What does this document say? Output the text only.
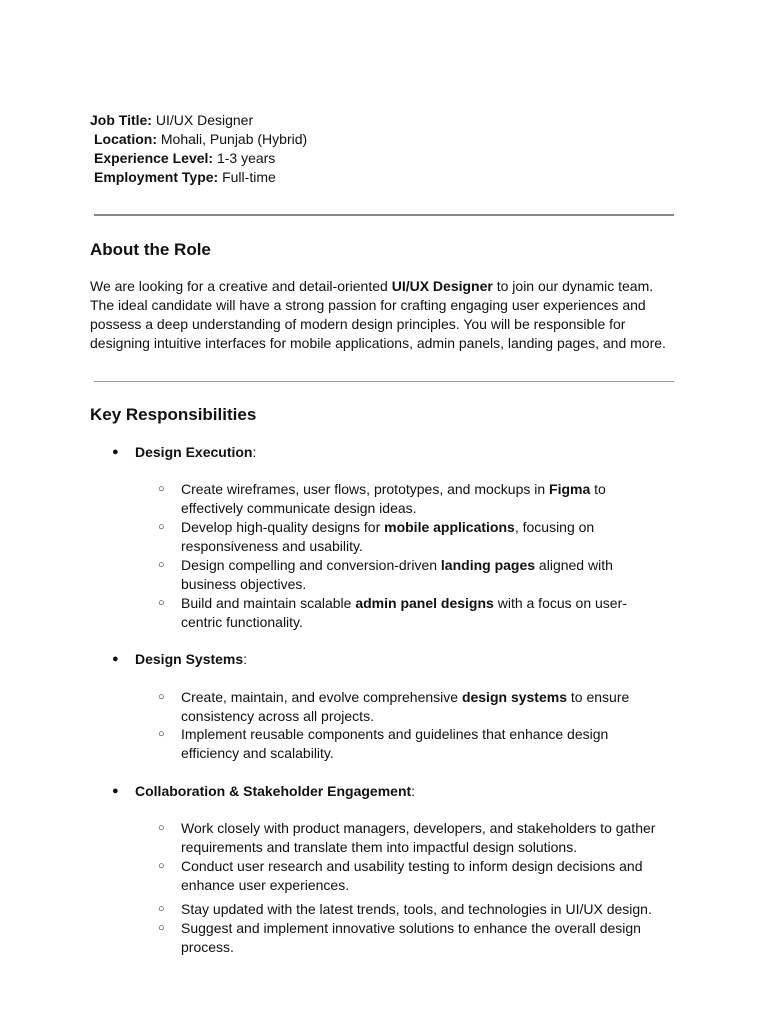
Job Title: UI/UX Designer
Location: Mohali, Punjab (Hybrid)
Experience Level: 1-3 years
Employment Type: Full-time
About the Role

We are looking for a creative and detail-oriented UI/UX Designer to join our dynamic team. The ideal candidate will have a strong passion for crafting engaging user experiences and possess a deep understanding of modern design principles. You will be responsible for designing intuitive interfaces for mobile applications, admin panels, landing pages, and more.

Key Responsibilities
● Design Execution:
○ Create wireframes, user flows, prototypes, and mockups in Figma to effectively communicate design ideas.
○ Develop high-quality designs for mobile applications, focusing on responsiveness and usability.
○ Design compelling and conversion-driven landing pages aligned with business objectives.
○ Build and maintain scalable admin panel designs with a focus on user-centric functionality.
● Design Systems:
○ Create, maintain, and evolve comprehensive design systems to ensure consistency across all projects.
○ Implement reusable components and guidelines that enhance design efficiency and scalability.
● Collaboration & Stakeholder Engagement:
○ Work closely with product managers, developers, and stakeholders to gather requirements and translate them into impactful design solutions.
○ Conduct user research and usability testing to inform design decisions and enhance user experiences.
○ Stay updated with the latest trends, tools, and technologies in UI/UX design.
○ Suggest and implement innovative solutions to enhance the overall design process.
